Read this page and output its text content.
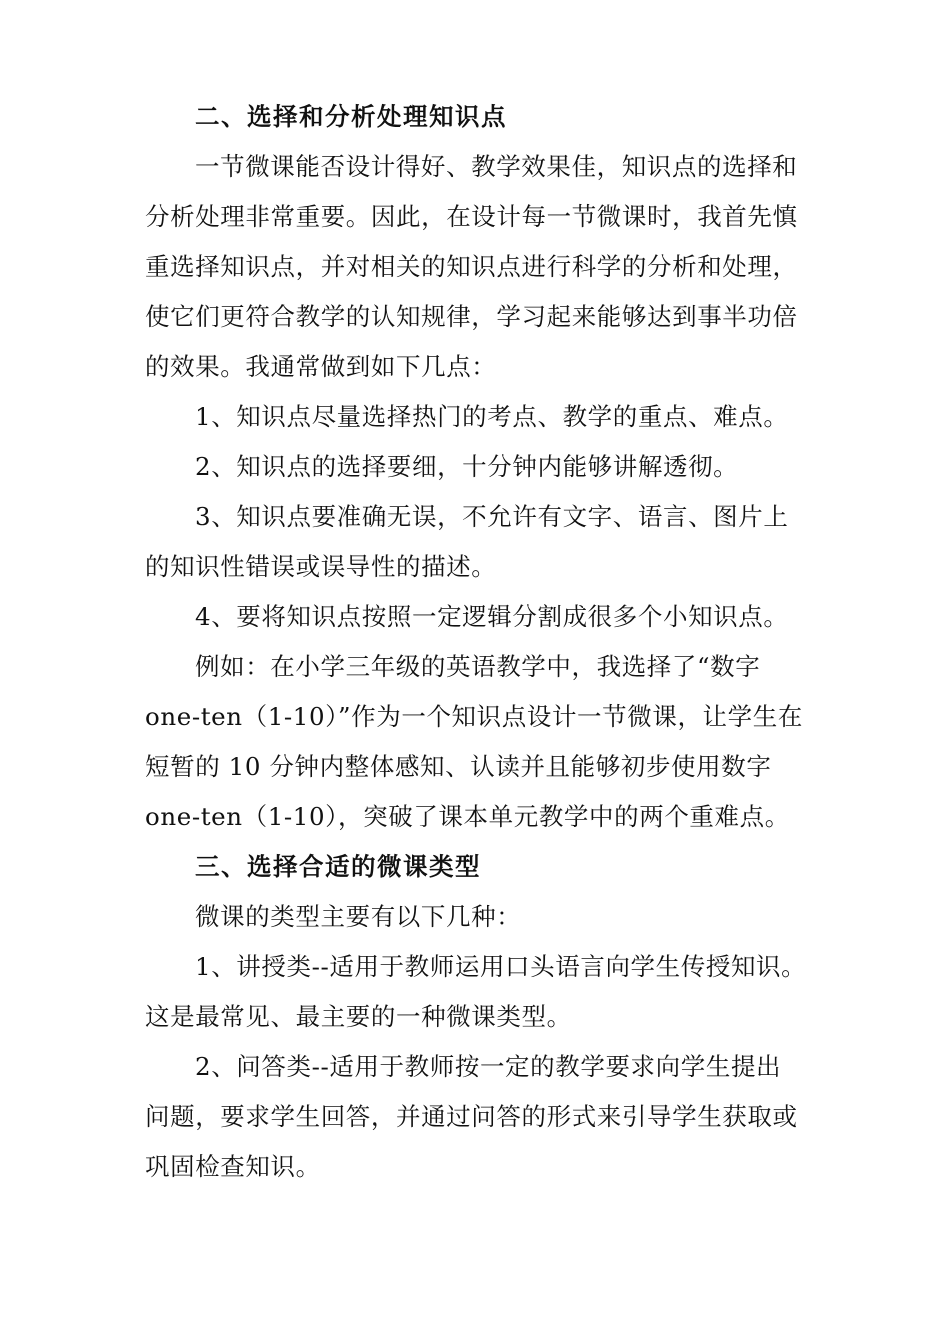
二、选择和分析处理知识点
一节微课能否设计得好、教学效果佳，知识点的选择和
分析处理非常重要。因此，在设计每一节微课时，我首先慎
重选择知识点，并对相关的知识点进行科学的分析和处理，
使它们更符合教学的认知规律，学习起来能够达到事半功倍
的效果。我通常做到如下几点：
1、知识点尽量选择热门的考点、教学的重点、难点。
2、知识点的选择要细，十分钟内能够讲解透彻。
3、知识点要准确无误，不允许有文字、语言、图片上
的知识性错误或误导性的描述。
4、要将知识点按照一定逻辑分割成很多个小知识点。
例如：在小学三年级的英语教学中，我选择了“数字
one-ten（1-10）”作为一个知识点设计一节微课，让学生在
短暂的 10 分钟内整体感知、认读并且能够初步使用数字
one-ten（1-10），突破了课本单元教学中的两个重难点。
三、选择合适的微课类型
微课的类型主要有以下几种：
1、讲授类--适用于教师运用口头语言向学生传授知识。
这是最常见、最主要的一种微课类型。
2、问答类--适用于教师按一定的教学要求向学生提出
问题，要求学生回答，并通过问答的形式来引导学生获取或
巩固检查知识。
